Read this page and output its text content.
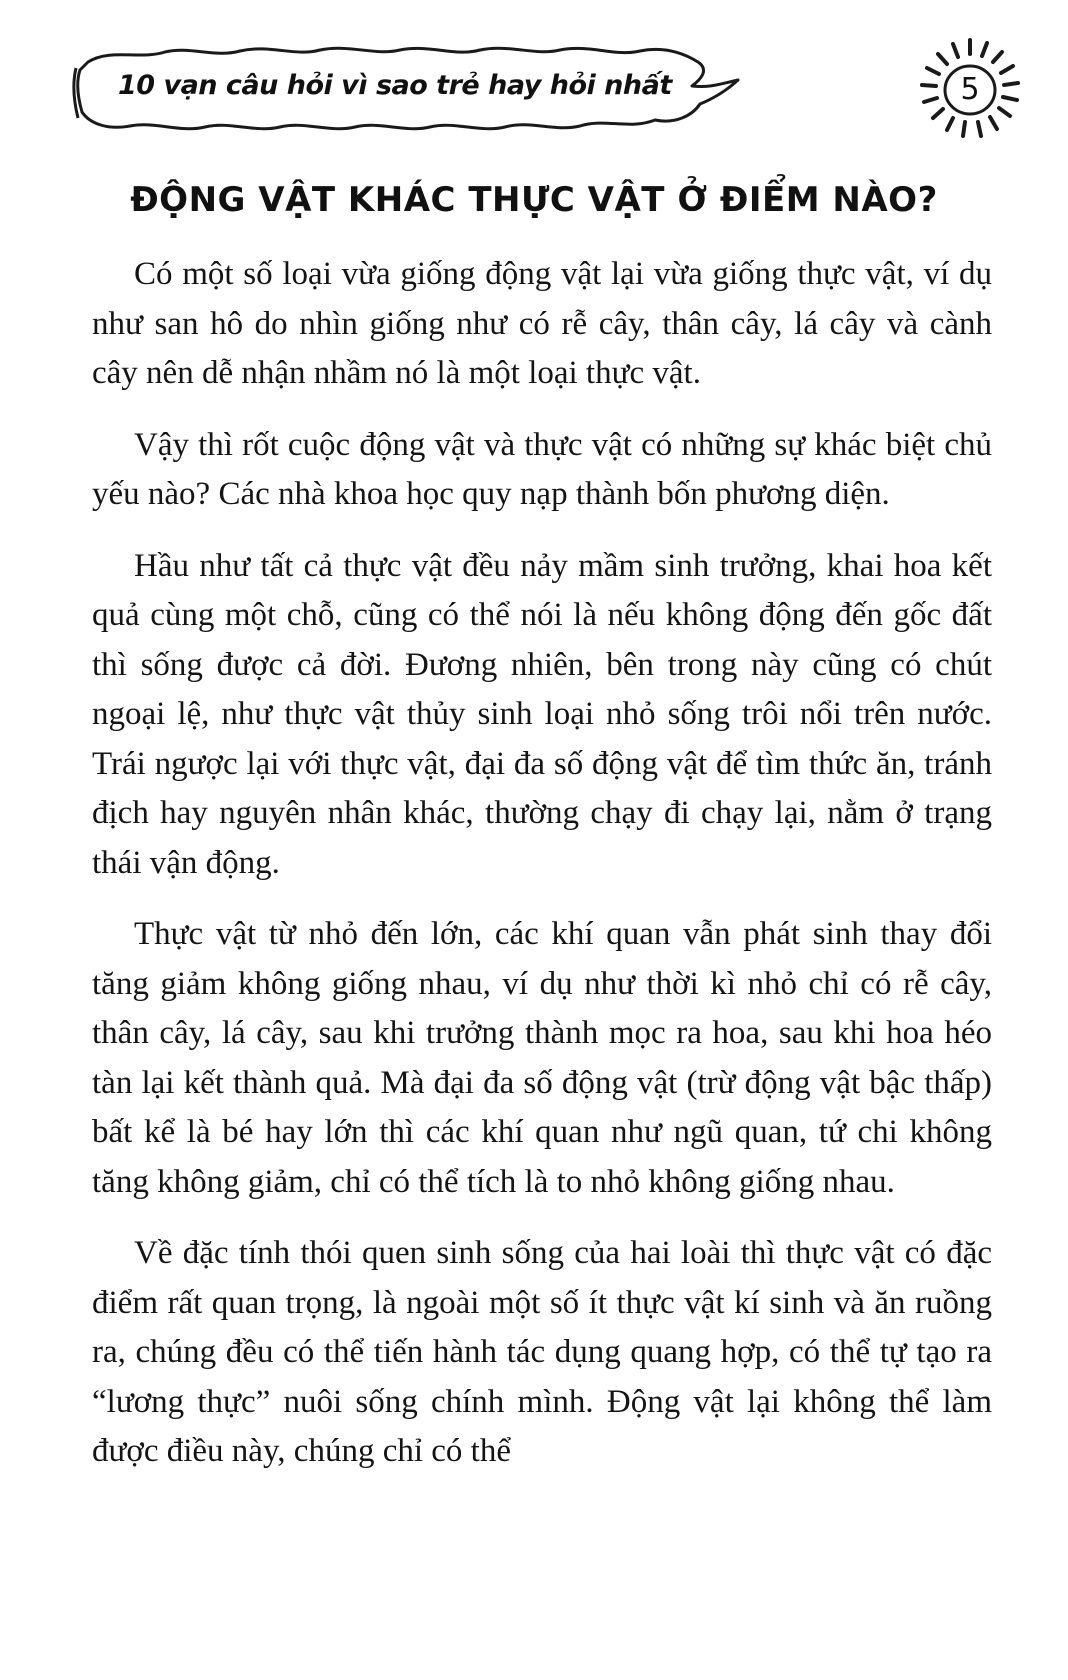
10 vạn câu hỏi vì sao trẻ hay hỏi nhất	5
ĐỘNG VẬT KHÁC THỰC VẬT Ở ĐIỂM NÀO?

Có một số loại vừa giống động vật lại vừa giống thực vật, ví dụ như san hô do nhìn giống như có rễ cây, thân cây, lá cây và cành cây nên dễ nhận nhầm nó là một loại thực vật.

Vậy thì rốt cuộc động vật và thực vật có những sự khác biệt chủ yếu nào? Các nhà khoa học quy nạp thành bốn phương diện.

Hầu như tất cả thực vật đều nảy mầm sinh trưởng, khai hoa kết quả cùng một chỗ, cũng có thể nói là nếu không động đến gốc đất thì sống được cả đời. Đương nhiên, bên trong này cũng có chút ngoại lệ, như thực vật thủy sinh loại nhỏ sống trôi nổi trên nước. Trái ngược lại với thực vật, đại đa số động vật để tìm thức ăn, tránh địch hay nguyên nhân khác, thường chạy đi chạy lại, nằm ở trạng thái vận động.

Thực vật từ nhỏ đến lớn, các khí quan vẫn phát sinh thay đổi tăng giảm không giống nhau, ví dụ như thời kì nhỏ chỉ có rễ cây, thân cây, lá cây, sau khi trưởng thành mọc ra hoa, sau khi hoa héo tàn lại kết thành quả. Mà đại đa số động vật (trừ động vật bậc thấp) bất kể là bé hay lớn thì các khí quan như ngũ quan, tứ chi không tăng không giảm, chỉ có thể tích là to nhỏ không giống nhau.

Về đặc tính thói quen sinh sống của hai loài thì thực vật có đặc điểm rất quan trọng, là ngoài một số ít thực vật kí sinh và ăn ruồng ra, chúng đều có thể tiến hành tác dụng quang hợp, có thể tự tạo ra “lương thực” nuôi sống chính mình. Động vật lại không thể làm được điều này, chúng chỉ có thể
